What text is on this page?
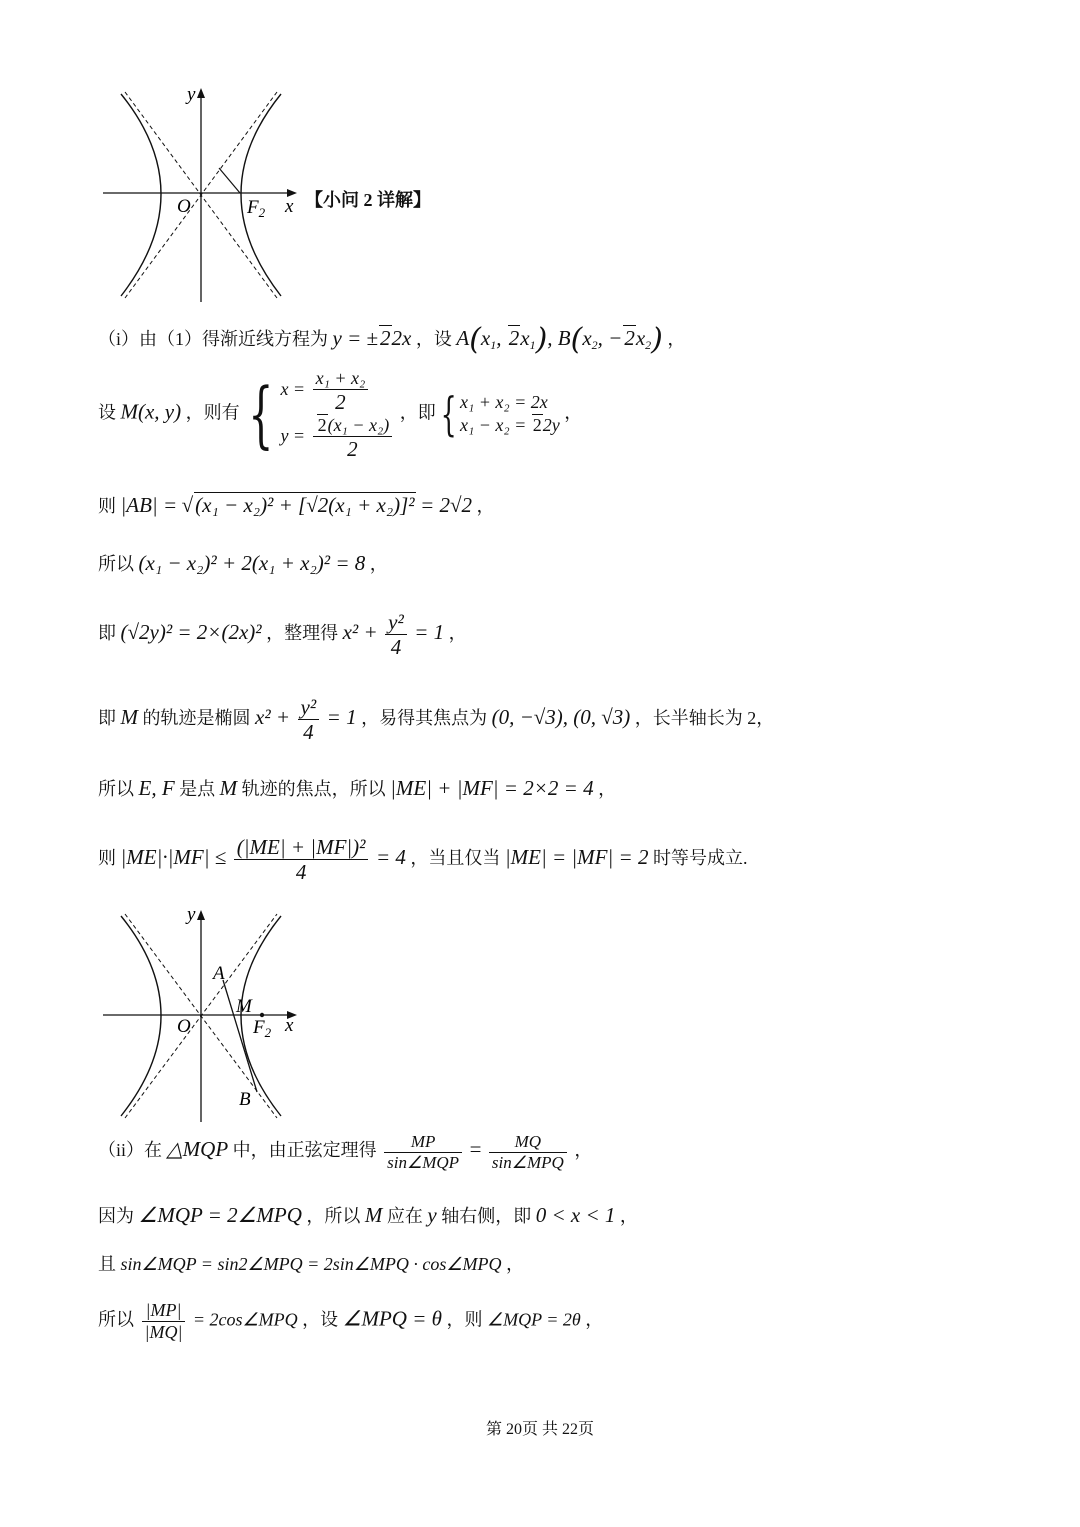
y
x
O	$F_2$
【小问 2 详解】
（i）由（1）得渐近线方程为 y = ±22x ，设 $A(x_1$, $2x_1$), $B(x_2$, $-2x_2$) ，
设 M(x, y) ，则有 { $x = \frac{\text{x₁ + x₂}}{2}$
$y = \frac{\text{2(x₁ − x₂)}}{2}$
，即 { x₁ + x₂ = 2x
x₁ − x₂ = 22y
，
则 |AB| = √(x₁ − x₂)² + [√2(x₁ + x₂)]² = 2√2 ，
所以 (x₁ − x₂)² + 2(x₁ + x₂)² = 8 ，
即 (√2y)² = 2×(2x)² ，整理得 $x^2 + \frac{\text{y²}}{4} = 1$ ，
即 M 的轨迹是椭圆 $x^2 + \frac{\text{y²}}{4} = 1$ ，易得其焦点为 (0, −√3), (0, √3) ，长半轴长为 2，
所以 E, F 是点 M 轨迹的焦点，所以 |ME| + |MF| = 2×2 = 4 ，
则 $|ME|\cdot|MF| \le \frac{\text{(|ME| + |MF|)²}}{4} = 4$ ，当且仅当 |ME| = |MF| = 2 时等号成立.
y
x
O
A
M
B
$F_2$
（ii）在 △MQP 中，由正弦定理得 $\frac{MP}{\text{sin∠MQP}} = \frac{MQ}{\text{sin∠MPQ}}$ ，
因为 ∠MQP = 2∠MPQ ，所以 M 应在 y 轴右侧，即 0 < x < 1 ，
且 sin∠MQP = sin2∠MPQ = 2sin∠MPQ · cos∠MPQ ，
所以 $\frac{|MP|}{|MQ|}$ = 2cos∠MPQ ，设 ∠MPQ = θ ，则 ∠MQP = 2θ ，
第 20页 共 22页
